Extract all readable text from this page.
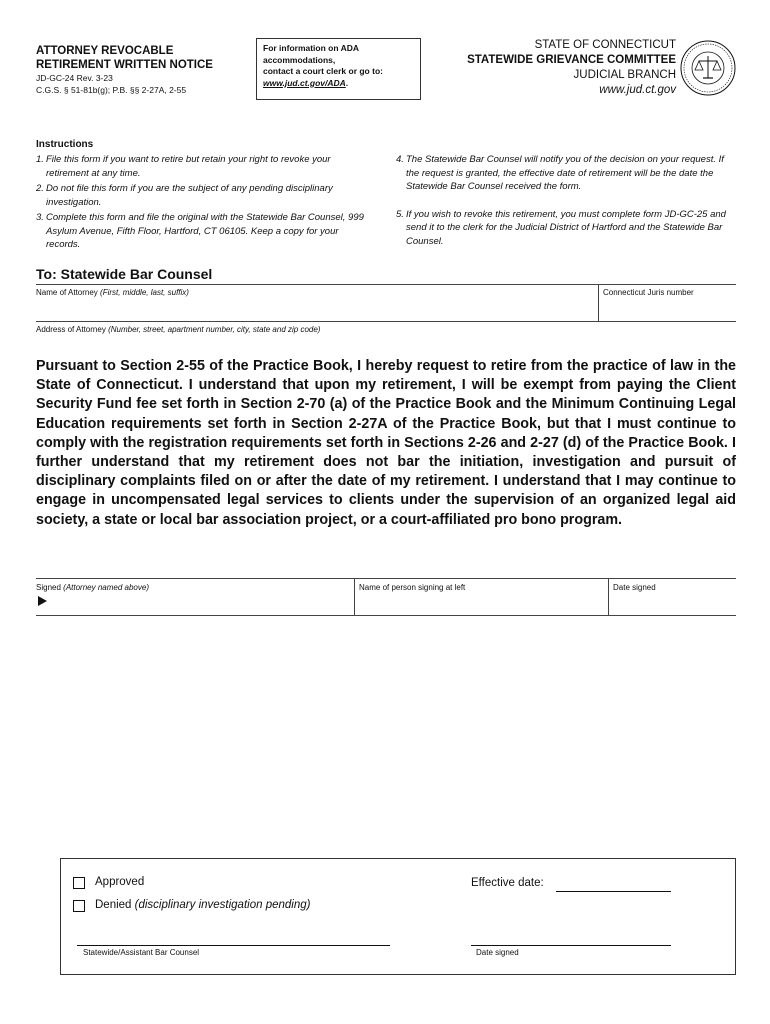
ATTORNEY REVOCABLE
RETIREMENT WRITTEN NOTICE
JD-GC-24 Rev. 3-23
C.G.S. § 51-81b(g); P.B. §§ 2-27A, 2-55
For information on ADA
accommodations,
contact a court clerk or go to:
www.jud.ct.gov/ADA.
STATE OF CONNECTICUT
STATEWIDE GRIEVANCE COMMITTEE
JUDICIAL BRANCH
www.jud.ct.gov
Instructions
1. File this form if you want to retire but retain your right to revoke your retirement at any time.
2. Do not file this form if you are the subject of any pending disciplinary investigation.
3. Complete this form and file the original with the Statewide Bar Counsel, 999 Asylum Avenue, Fifth Floor, Hartford, CT 06105. Keep a copy for your records.
4. The Statewide Bar Counsel will notify you of the decision on your request. If the request is granted, the effective date of retirement will be the date the Statewide Bar Counsel received the form.
5. If you wish to revoke this retirement, you must complete form JD-GC-25 and send it to the clerk for the Judicial District of Hartford and the Statewide Bar Counsel.
To: Statewide Bar Counsel
Name of Attorney (First, middle, last, suffix)	Connecticut Juris number
Address of Attorney (Number, street, apartment number, city, state and zip code)
Pursuant to Section 2-55 of the Practice Book, I hereby request to retire from the practice of law in the State of Connecticut. I understand that upon my retirement, I will be exempt from paying the Client Security Fund fee set forth in Section 2-70 (a) of the Practice Book and the Minimum Continuing Legal Education requirements set forth in Section 2-27A of the Practice Book, but that I must continue to comply with the registration requirements set forth in Sections 2-26 and 2-27 (d) of the Practice Book. I further understand that my retirement does not bar the initiation, investigation and pursuit of disciplinary complaints filed on or after the date of my retirement. I understand that I may continue to engage in uncompensated legal services to clients under the supervision of an organized legal aid society, a state or local bar association project, or a court-affiliated pro bono program.
Signed (Attorney named above)	Name of person signing at left	Date signed
Approved
Denied (disciplinary investigation pending)
Effective date:
Statewide/Assistant Bar Counsel	Date signed
